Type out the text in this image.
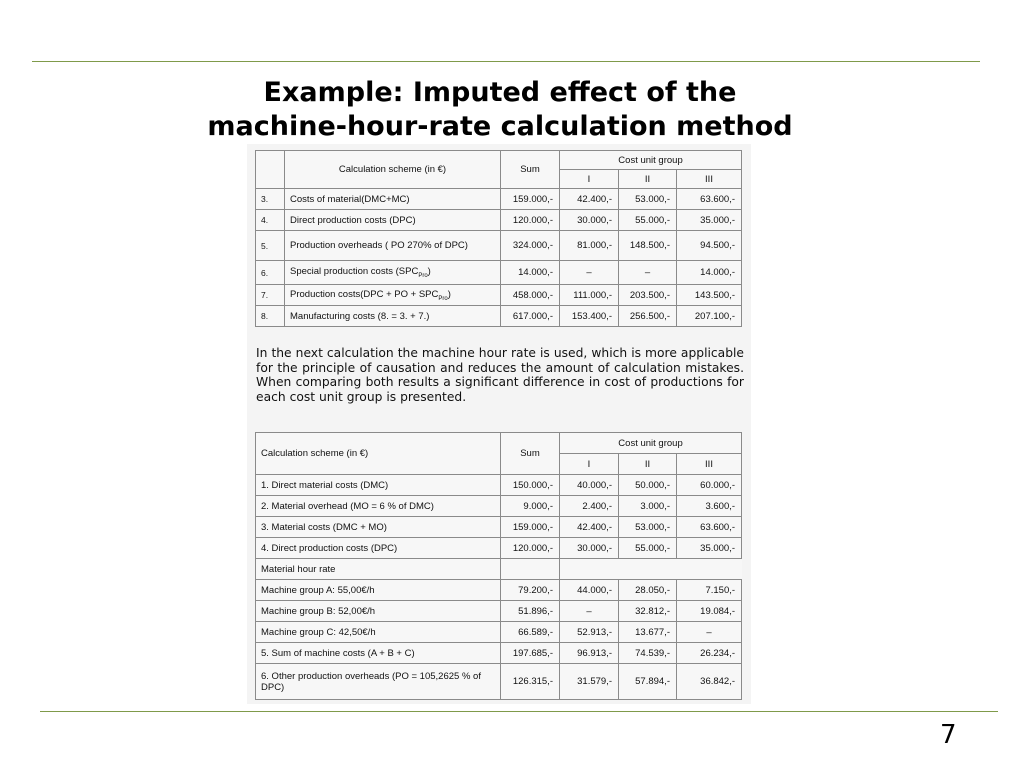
Example: Imputed effect of the
machine-hour-rate calculation method
	Calculation scheme (in €)	Sum	Cost unit group		
			I	II	III
3.	Costs of material(DMC+MC)	159.000,-	42.400,-	53.000,-	63.600,-
4.	Direct production costs (DPC)	120.000,-	30.000,-	55.000,-	35.000,-
5.	Production overheads ( PO 270% of DPC)	324.000,-	81.000,-	148.500,-	94.500,-
6.	Special production costs $(SPC_{Pro})$	14.000,-	–	–	14.000,-
7.	Production costs(DPC + PO + $SPC_{Pro}$)	458.000,-	111.000,-	203.500,-	143.500,-
8.	Manufacturing costs (8. = 3. + 7.)	617.000,-	153.400,-	256.500,-	207.100,-
In the next calculation the machine hour rate is used, which is more applicable for the principle of causation and reduces the amount of calculation mistakes. When comparing both results a significant difference in cost of productions for each cost unit group is presented.
Calculation scheme (in €)	Sum	Cost unit group		
		I	II	III
1. Direct material costs (DMC)	150.000,-	40.000,-	50.000,-	60.000,-
2. Material overhead (MO = 6 % of DMC)	9.000,-	2.400,-	3.000,-	3.600,-
3. Material costs (DMC + MO)	159.000,-	42.400,-	53.000,-	63.600,-
4. Direct production costs (DPC)	120.000,-	30.000,-	55.000,-	35.000,-
Material hour rate				
Machine group A: 55,00€/h	79.200,-	44.000,-	28.050,-	7.150,-
Machine group B: 52,00€/h	51.896,-	–	32.812,-	19.084,-
Machine group C: 42,50€/h	66.589,-	52.913,-	13.677,-	–
5. Sum of machine costs (A + B + C)	197.685,-	96.913,-	74.539,-	26.234,-
6. Other production overheads (PO = 105,2625 % of DPC)	126.315,-	31.579,-	57.894,-	36.842,-
7
